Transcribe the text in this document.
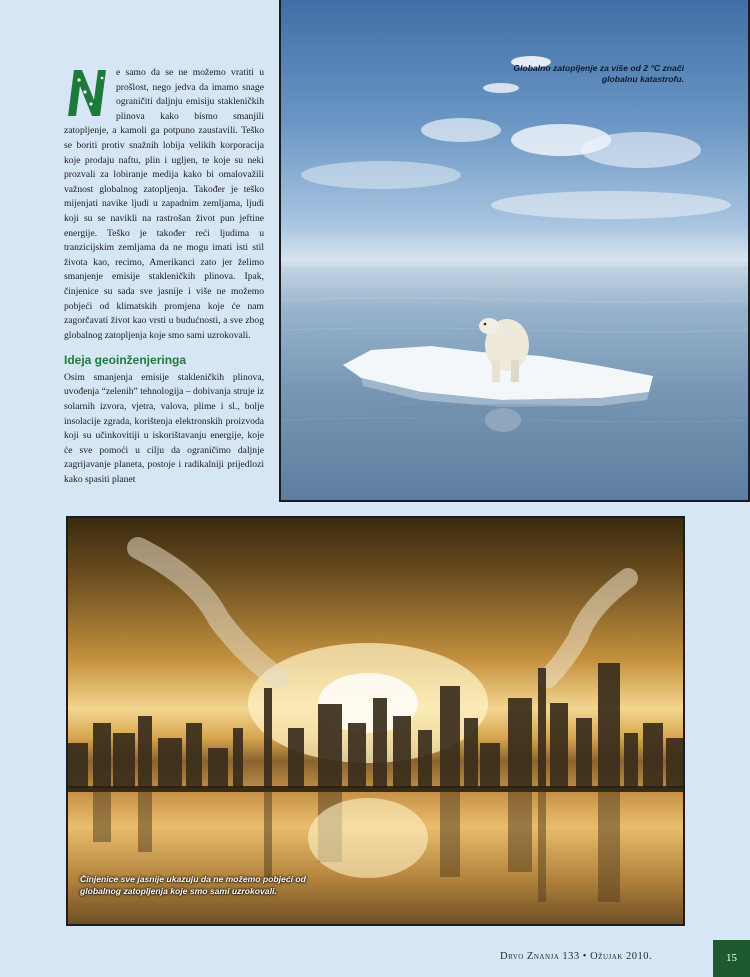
e samo da se ne možemo vratiti u prošlost, nego jedva da imamo snage ograničiti daljnju emisiju stakleničkih plinova kako bismo smanjili zatopljenje, a kamoli ga potpuno zaustavili. Teško se boriti protiv snažnih lobija velikih korporacija koje prodaju naftu, plin i ugljen, te koje su neki prozvali za lobiranje medija kako bi omalovažili važnost globalnog zatopljenja. Također je teško mijenjati navike ljudi u zapadnim zemljama, ljudi koji su se navikli na rastrošan život pun jeftine energije. Teško je također reći ljudima u tranzicijskim zemljama da ne mogu imati isti stil života kao, recimo, Amerikanci zato jer želimo smanjenje emisije stakleničkih plinova. Ipak, činjenice su sada sve jasnije i više ne možemo pobjeći od klimatskih promjena koje će nam zagorčavati život kao vrsti u budućnosti, a sve zbog globalnog zatopljenja koje smo sami uzrokovali.

Ideja geoinženjeringa

Osim smanjenja emisije stakleničkih plinova, uvođenja “zelenih” tehnologija – dobivanja struje iz solarnih izvora, vjetra, valova, plime i sl., bolje insolacije zgrada, korištenja elektronskih proizvoda koji su učinkovitiji u iskorištavanju energije, koje će sve pomoći u cilju da ograničimo daljnje zagrijavanje planeta, postoje i radikalniji prijedlozi kako spasiti planet

Globalno zatopljenje za više od 2 °C znači globalnu katastrofu.
Činjenice sve jasnije ukazuju da ne možemo pobjeći od globalnog zatopljenja koje smo sami uzrokovali.
Drvo Znanja 133 • Ožujak 2010.	15
